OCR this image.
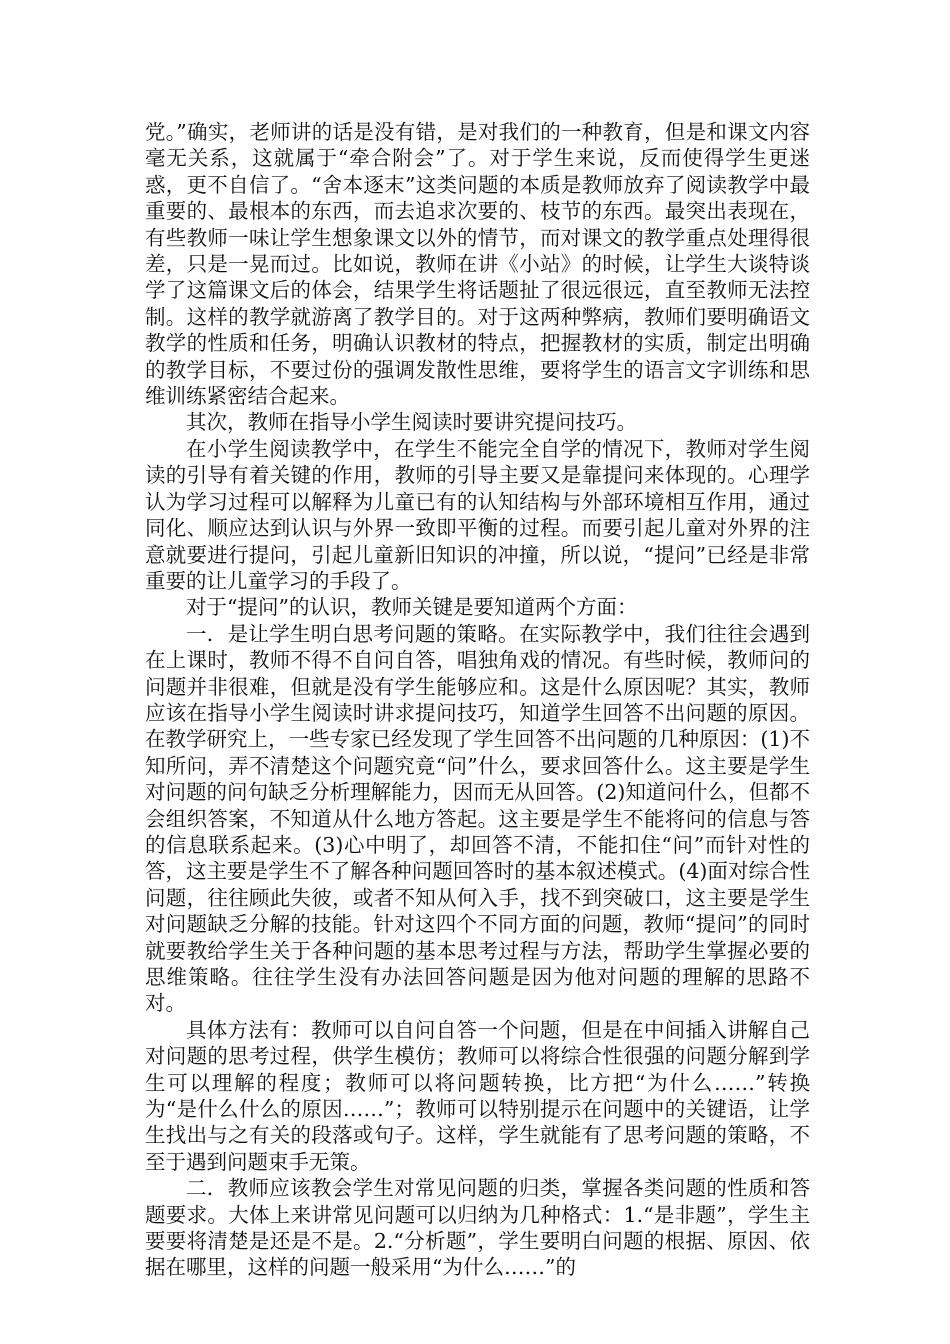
党。”确实，老师讲的话是没有错，是对我们的一种教育，但是和课文内容毫无关系，这就属于“牵合附会”了。对于学生来说，反而使得学生更迷惑，更不自信了。“舍本逐末”这类问题的本质是教师放弃了阅读教学中最重要的、最根本的东西，而去追求次要的、枝节的东西。最突出表现在，有些教师一味让学生想象课文以外的情节，而对课文的教学重点处理得很差，只是一晃而过。比如说，教师在讲《小站》的时候，让学生大谈特谈学了这篇课文后的体会，结果学生将话题扯了很远很远，直至教师无法控制。这样的教学就游离了教学目的。对于这两种弊病，教师们要明确语文教学的性质和任务，明确认识教材的特点，把握教材的实质，制定出明确的教学目标，不要过份的强调发散性思维，要将学生的语言文字训练和思维训练紧密结合起来。

其次，教师在指导小学生阅读时要讲究提问技巧。

在小学生阅读教学中，在学生不能完全自学的情况下，教师对学生阅读的引导有着关键的作用，教师的引导主要又是靠提问来体现的。心理学认为学习过程可以解释为儿童已有的认知结构与外部环境相互作用，通过同化、顺应达到认识与外界一致即平衡的过程。而要引起儿童对外界的注意就要进行提问，引起儿童新旧知识的冲撞，所以说，“提问”已经是非常重要的让儿童学习的手段了。

对于“提问”的认识，教师关键是要知道两个方面：

一．是让学生明白思考问题的策略。在实际教学中，我们往往会遇到在上课时，教师不得不自问自答，唱独角戏的情况。有些时候，教师问的问题并非很难，但就是没有学生能够应和。这是什么原因呢？其实，教师应该在指导小学生阅读时讲求提问技巧，知道学生回答不出问题的原因。在教学研究上，一些专家已经发现了学生回答不出问题的几种原因：(1)不知所问，弄不清楚这个问题究竟“问”什么，要求回答什么。这主要是学生对问题的问句缺乏分析理解能力，因而无从回答。(2)知道问什么，但都不会组织答案，不知道从什么地方答起。这主要是学生不能将问的信息与答的信息联系起来。(3)心中明了，却回答不清，不能扣住“问”而针对性的答，这主要是学生不了解各种问题回答时的基本叙述模式。(4)面对综合性问题，往往顾此失彼，或者不知从何入手，找不到突破口，这主要是学生对问题缺乏分解的技能。针对这四个不同方面的问题，教师“提问”的同时就要教给学生关于各种问题的基本思考过程与方法，帮助学生掌握必要的思维策略。往往学生没有办法回答问题是因为他对问题的理解的思路不对。

具体方法有：教师可以自问自答一个问题，但是在中间插入讲解自己对问题的思考过程，供学生模仿；教师可以将综合性很强的问题分解到学生可以理解的程度；教师可以将问题转换，比方把“为什么……”转换为“是什么什么的原因……”；教师可以特别提示在问题中的关键语，让学生找出与之有关的段落或句子。这样，学生就能有了思考问题的策略，不至于遇到问题束手无策。

二．教师应该教会学生对常见问题的归类，掌握各类问题的性质和答题要求。大体上来讲常见问题可以归纳为几种格式：1.“是非题”，学生主要要将清楚是还是不是。2.“分析题”，学生要明白问题的根据、原因、依据在哪里，这样的问题一般采用“为什么……”的
